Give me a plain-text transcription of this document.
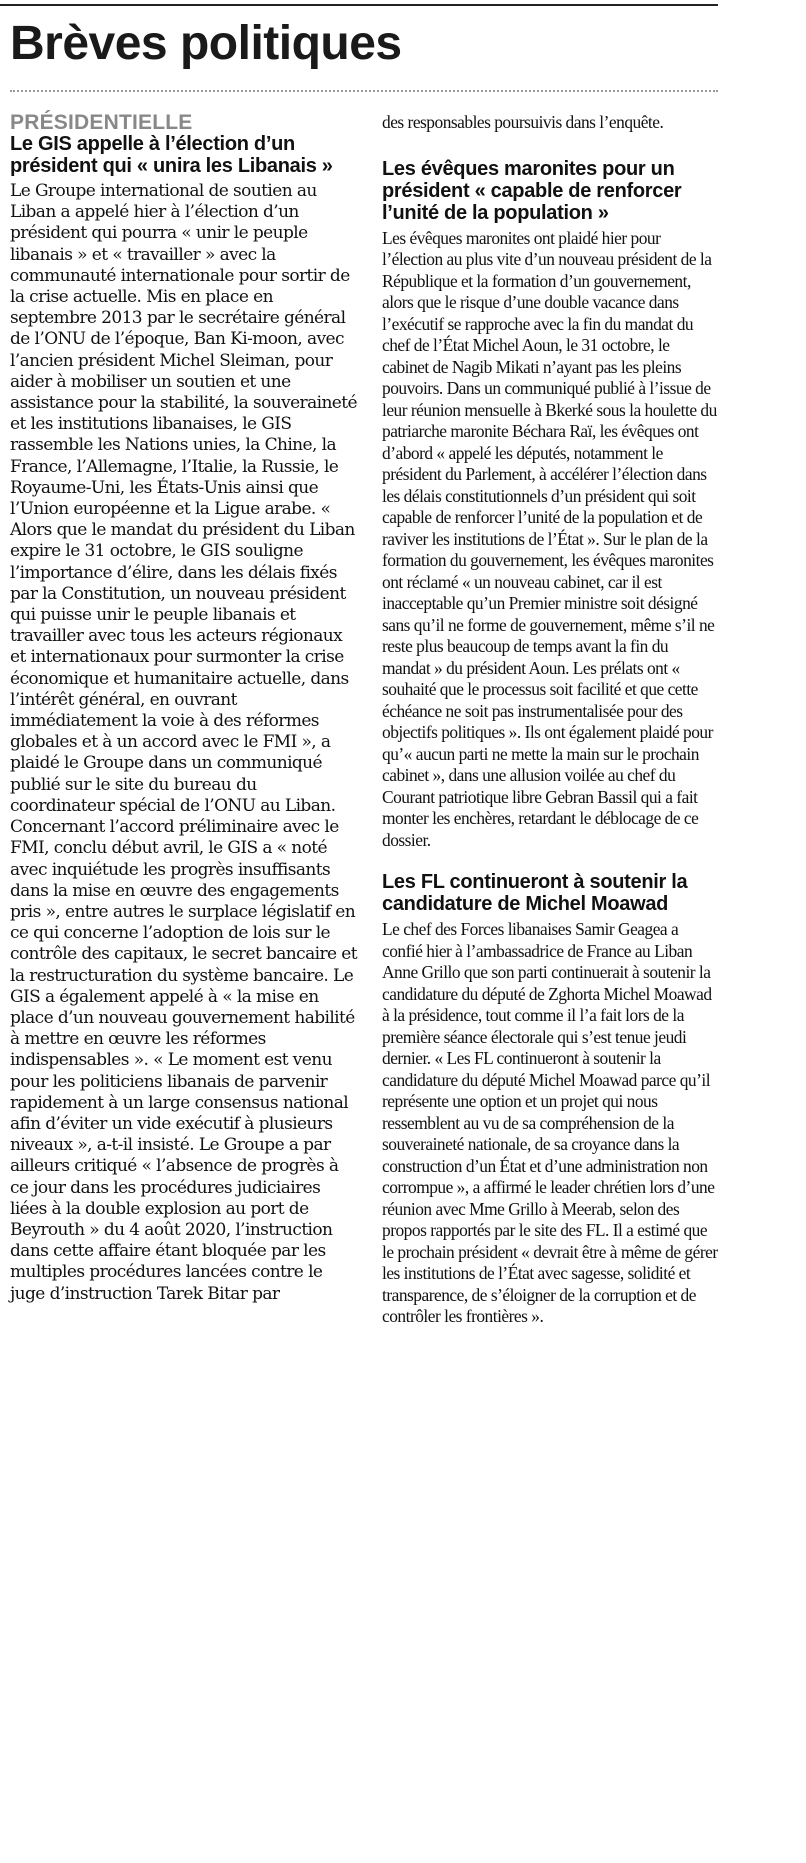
Brèves politiques
PRÉSIDENTIELLE
Le GIS appelle à l’élection d’un président qui « unira les Libanais »

Le Groupe international de soutien au Liban a appelé hier à l’élection d’un président qui pourra « unir le peuple libanais » et « travailler » avec la communauté internationale pour sortir de la crise actuelle. Mis en place en septembre 2013 par le secrétaire général de l’ONU de l’époque, Ban Ki-moon, avec l’ancien président Michel Sleiman, pour aider à mobiliser un soutien et une assistance pour la stabilité, la souveraineté et les institutions libanaises, le GIS rassemble les Nations unies, la Chine, la France, l’Allemagne, l’Italie, la Russie, le Royaume-Uni, les États-Unis ainsi que l’Union européenne et la Ligue arabe. « Alors que le mandat du président du Liban expire le 31 octobre, le GIS souligne l’importance d’élire, dans les délais fixés par la Constitution, un nouveau président qui puisse unir le peuple libanais et travailler avec tous les acteurs régionaux et internationaux pour surmonter la crise économique et humanitaire actuelle, dans l’intérêt général, en ouvrant immédiatement la voie à des réformes globales et à un accord avec le FMI », a plaidé le Groupe dans un communiqué publié sur le site du bureau du coordinateur spécial de l’ONU au Liban. Concernant l’accord préliminaire avec le FMI, conclu début avril, le GIS a « noté avec inquiétude les progrès insuffisants dans la mise en œuvre des engagements pris », entre autres le surplace législatif en ce qui concerne l’adoption de lois sur le contrôle des capitaux, le secret bancaire et la restructuration du système bancaire. Le GIS a également appelé à « la mise en place d’un nouveau gouvernement habilité à mettre en œuvre les réformes indispensables ». « Le moment est venu pour les politiciens libanais de parvenir rapidement à un large consensus national afin d’éviter un vide exécutif à plusieurs niveaux », a-t-il insisté. Le Groupe a par ailleurs critiqué « l’absence de progrès à ce jour dans les procédures judiciaires liées à la double explosion au port de Beyrouth » du 4 août 2020, l’instruction dans cette affaire étant bloquée par les multiples procédures lancées contre le juge d’instruction Tarek Bitar par

des responsables poursuivis dans l’enquête.

Les évêques maronites pour un président « capable de renforcer l’unité de la population »

Les évêques maronites ont plaidé hier pour l’élection au plus vite d’un nouveau président de la République et la formation d’un gouvernement, alors que le risque d’une double vacance dans l’exécutif se rapproche avec la fin du mandat du chef de l’État Michel Aoun, le 31 octobre, le cabinet de Nagib Mikati n’ayant pas les pleins pouvoirs. Dans un communiqué publié à l’issue de leur réunion mensuelle à Bkerké sous la houlette du patriarche maronite Béchara Raï, les évêques ont d’abord « appelé les députés, notamment le président du Parlement, à accélérer l’élection dans les délais constitutionnels d’un président qui soit capable de renforcer l’unité de la population et de raviver les institutions de l’État ». Sur le plan de la formation du gouvernement, les évêques maronites ont réclamé « un nouveau cabinet, car il est inacceptable qu’un Premier ministre soit désigné sans qu’il ne forme de gouvernement, même s’il ne reste plus beaucoup de temps avant la fin du mandat » du président Aoun. Les prélats ont « souhaité que le processus soit facilité et que cette échéance ne soit pas instrumentalisée pour des objectifs politiques ». Ils ont également plaidé pour qu’« aucun parti ne mette la main sur le prochain cabinet », dans une allusion voilée au chef du Courant patriotique libre Gebran Bassil qui a fait monter les enchères, retardant le déblocage de ce dossier.

Les FL continueront à soutenir la candidature de Michel Moawad

Le chef des Forces libanaises Samir Geagea a confié hier à l’ambassadrice de France au Liban Anne Grillo que son parti continuerait à soutenir la candidature du député de Zghorta Michel Moawad à la présidence, tout comme il l’a fait lors de la première séance électorale qui s’est tenue jeudi dernier. « Les FL continueront à soutenir la candidature du député Michel Moawad parce qu’il représente une option et un projet qui nous ressemblent au vu de sa compréhension de la souveraineté nationale, de sa croyance dans la construction d’un État et d’une administration non corrompue », a affirmé le leader chrétien lors d’une réunion avec Mme Grillo à Meerab, selon des propos rapportés par le site des FL. Il a estimé que le prochain président « devrait être à même de gérer les institutions de l’État avec sagesse, solidité et transparence, de s’éloigner de la corruption et de contrôler les frontières ».
